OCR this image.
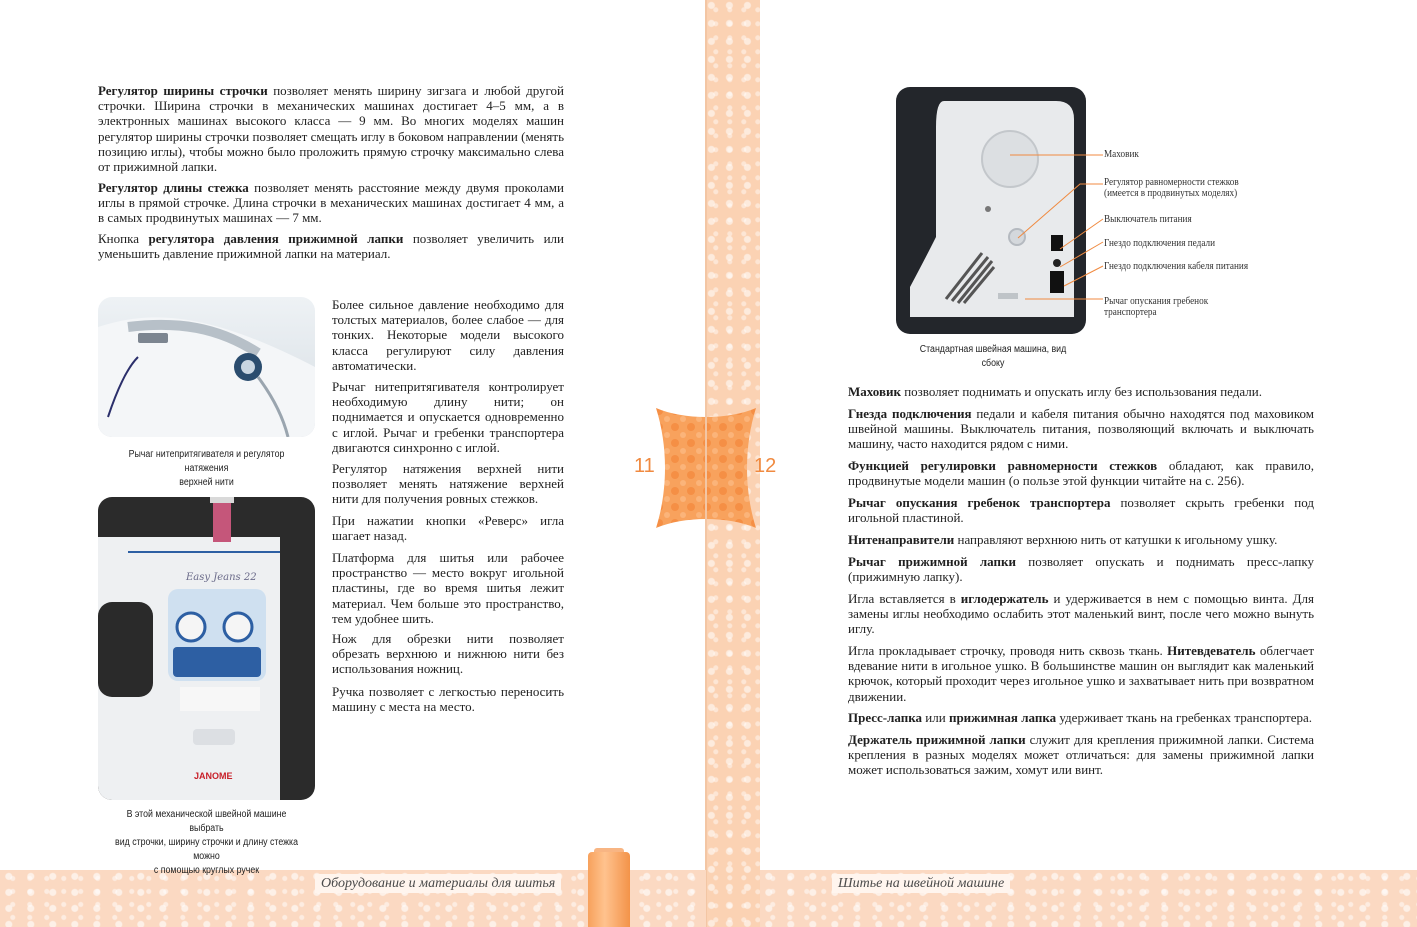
Оборудование и материалы для шитья	Шитье на швейной машине
11	12

Регулятор ширины строчки позволяет менять ширину зигзага и любой другой строчки. Ширина строчки в механических машинах достигает 4–5 мм, а в электронных машинах высокого класса — 9 мм. Во многих моделях машин регулятор ширины строчки позволяет смещать иглу в боковом направлении (менять позицию иглы), чтобы можно было проложить прямую строчку максимально слева от прижимной лапки.

Регулятор длины стежка позволяет менять расстояние между двумя проколами иглы в прямой строчке. Длина строчки в механических машинах достигает 4 мм, а в самых продвинутых машинах — 7 мм.

Кнопка регулятора давления прижимной лапки позволяет увеличить или уменьшить давление прижимной лапки на материал.

Более сильное давление необходимо для толстых материалов, более слабое — для тонких. Некоторые модели высокого класса регулируют силу давления автоматически.

Рычаг нитепритягивателя контролирует необходимую длину нити; он поднимается и опускается одновременно с иглой. Рычаг и гребенки транспортера двигаются синхронно с иглой.

Регулятор натяжения верхней нити позволяет менять натяжение верхней нити для получения ровных стежков.

При нажатии кнопки «Реверс» игла шагает назад.

Платформа для шитья или рабочее пространство — место вокруг игольной пластины, где во время шитья лежит материал. Чем больше это пространство, тем удобнее шить.

Нож для обрезки нити позволяет обрезать верхнюю и нижнюю нити без использования ножниц.

Ручка позволяет с легкостью переносить машину с места на место.

Рычаг нитепритягивателя и регулятор натяжения
верхней нити
Easy Jeans 22
JANOME
В этой механической швейной машине выбрать
вид строчки, ширину строчки и длину стежка можно
с помощью круглых ручек
Стандартная швейная машина, вид сбоку
Маховик
Регулятор равномерности стежков
(имеется в продвинутых моделях)
Выключатель питания
Гнездо подключения педали
Гнездо подключения кабеля питания
Рычаг опускания гребенок
транспортера

Маховик позволяет поднимать и опускать иглу без использования педали.

Гнезда подключения педали и кабеля питания обычно находятся под маховиком швейной машины. Выключатель питания, позволяющий включать и выключать машину, часто находится рядом с ними.

Функцией регулировки равномерности стежков обладают, как правило, продвинутые модели машин (о пользе этой функции читайте на с. 256).

Рычаг опускания гребенок транспортера позволяет скрыть гребенки под игольной пластиной.

Нитенаправители направляют верхнюю нить от катушки к игольному ушку.

Рычаг прижимной лапки позволяет опускать и поднимать пресс-лапку (прижимную лапку).

Игла вставляется в иглодержатель и удерживается в нем с помощью винта. Для замены иглы необходимо ослабить этот маленький винт, после чего можно вынуть иглу.

Игла прокладывает строчку, проводя нить сквозь ткань. Нитевдеватель облегчает вдевание нити в игольное ушко. В большинстве машин он выглядит как маленький крючок, который проходит через игольное ушко и захватывает нить при возвратном движении.

Пресс-лапка или прижимная лапка удерживает ткань на гребенках транспортера.

Держатель прижимной лапки служит для крепления прижимной лапки. Система крепления в разных моделях может отличаться: для замены прижимной лапки может использоваться зажим, хомут или винт.
